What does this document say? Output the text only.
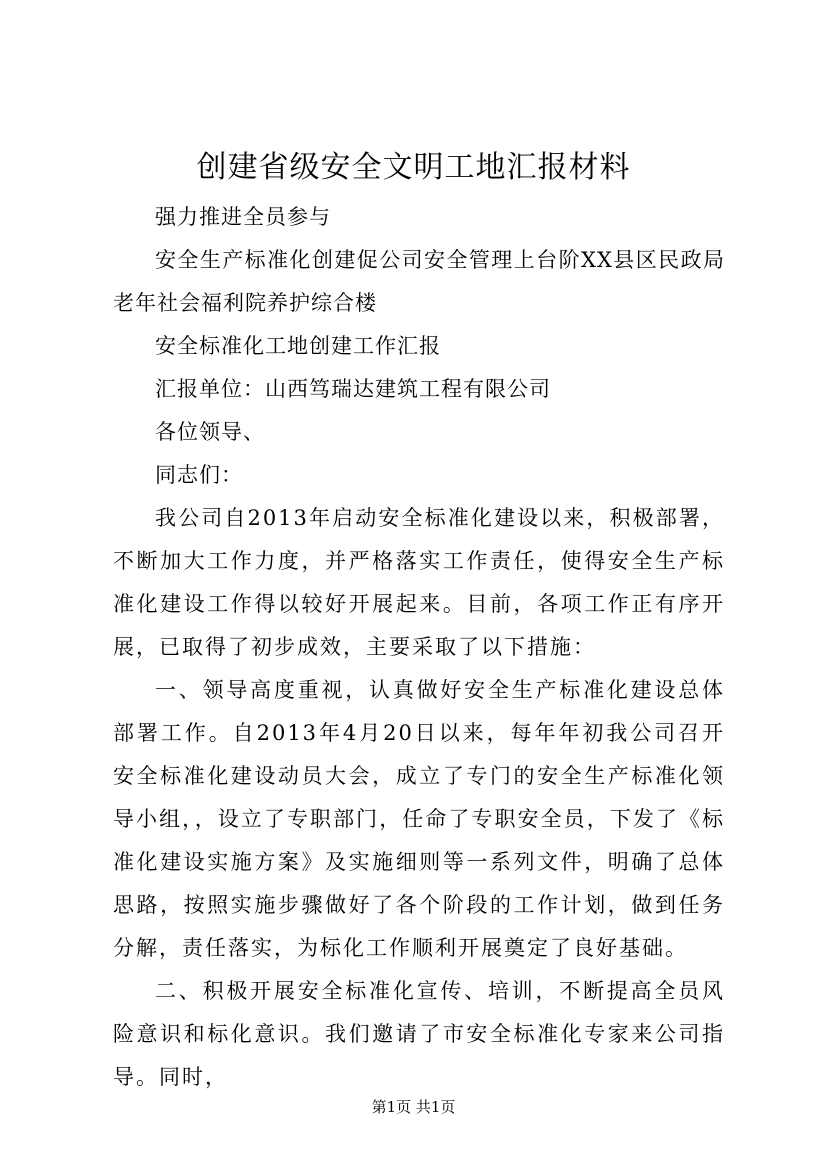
创建省级安全文明工地汇报材料

强力推进全员参与

安全生产标准化创建促公司安全管理上台阶XX县区民政局老年社会福利院养护综合楼

安全标准化工地创建工作汇报

汇报单位：山西笃瑞达建筑工程有限公司

各位领导、

同志们：

我公司自2013年启动安全标准化建设以来，积极部署，不断加大工作力度，并严格落实工作责任，使得安全生产标准化建设工作得以较好开展起来。目前，各项工作正有序开展，已取得了初步成效，主要采取了以下措施：

一、领导高度重视，认真做好安全生产标准化建设总体部署工作。自2013年4月20日以来，每年年初我公司召开安全标准化建设动员大会，成立了专门的安全生产标准化领导小组，，设立了专职部门，任命了专职安全员，下发了《标准化建设实施方案》及实施细则等一系列文件，明确了总体思路，按照实施步骤做好了各个阶段的工作计划，做到任务分解，责任落实，为标化工作顺利开展奠定了良好基础。

二、积极开展安全标准化宣传、培训，不断提高全员风险意识和标化意识。我们邀请了市安全标准化专家来公司指导。同时，

第1页 共1页
